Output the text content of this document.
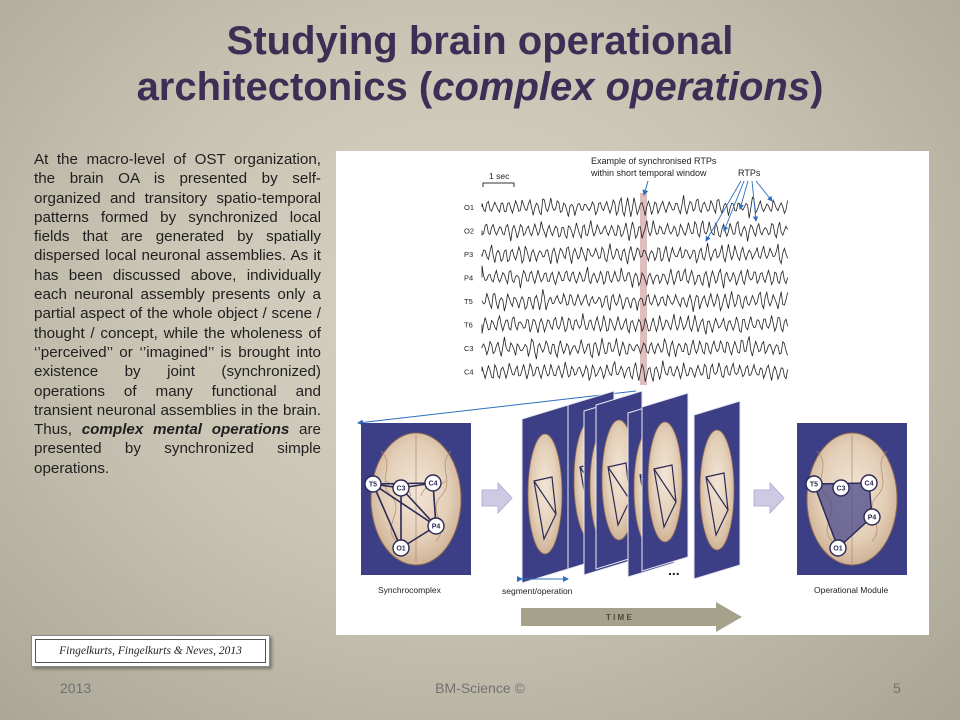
Studying brain operational
architectonics (complex operations)

At the macro-level of OST organization, the brain OA is presented by self-organized and transitory spatio-temporal patterns formed by synchronized local fields that are generated by spatially dispersed local neuronal assemblies. As it has been discussed above, individually each neuronal assembly presents only a partial aspect of the whole object / scene / thought / concept, while the wholeness of ‘’perceived’’ or ‘’imagined’’ is brought into existence by joint (synchronized) operations of many functional and transient neuronal assemblies in the brain. Thus, complex mental operations are presented by synchronized simple operations.

O1
O2
P3
P4
T5
T6
C3
C4
1 sec
Example of synchronised RTPs
within short temporal window	RTPs
T5
C3
C4
P4
O1
Synchrocomplex
...
T5
C3
C4
P4
O1
Operational Module
segment/operation
T I M E
Fingelkurts, Fingelkurts & Neves, 2013
2013	BM-Science ©	5
